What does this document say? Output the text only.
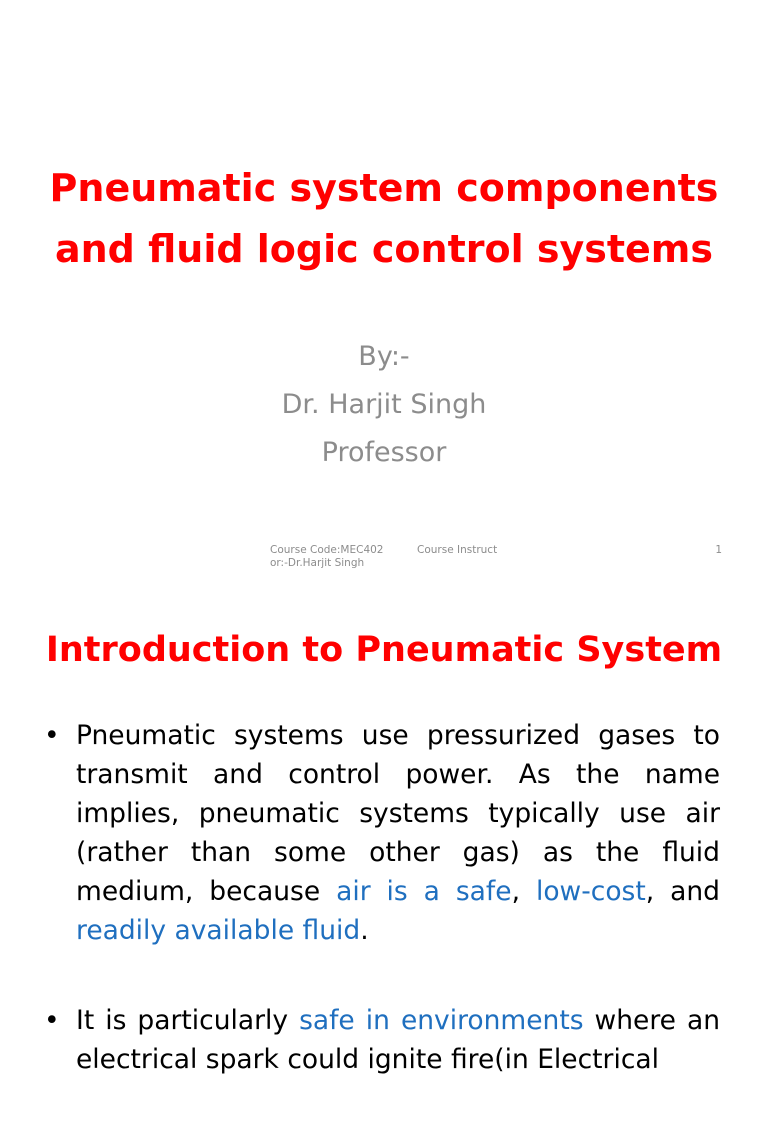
Pneumatic system components and fluid logic control systems
By:-
Dr. Harjit Singh
Professor
Course Code:MEC402
or:-Dr.Harjit Singh
Course Instruct	1
Introduction to Pneumatic System
• Pneumatic systems use pressurized gases to transmit and control power. As the name implies, pneumatic systems typically use air (rather than some other gas) as the fluid medium, because air is a safe, low-cost, and readily available fluid.
• It is particularly safe in environments where an electrical spark could ignite fire(in Electrical
